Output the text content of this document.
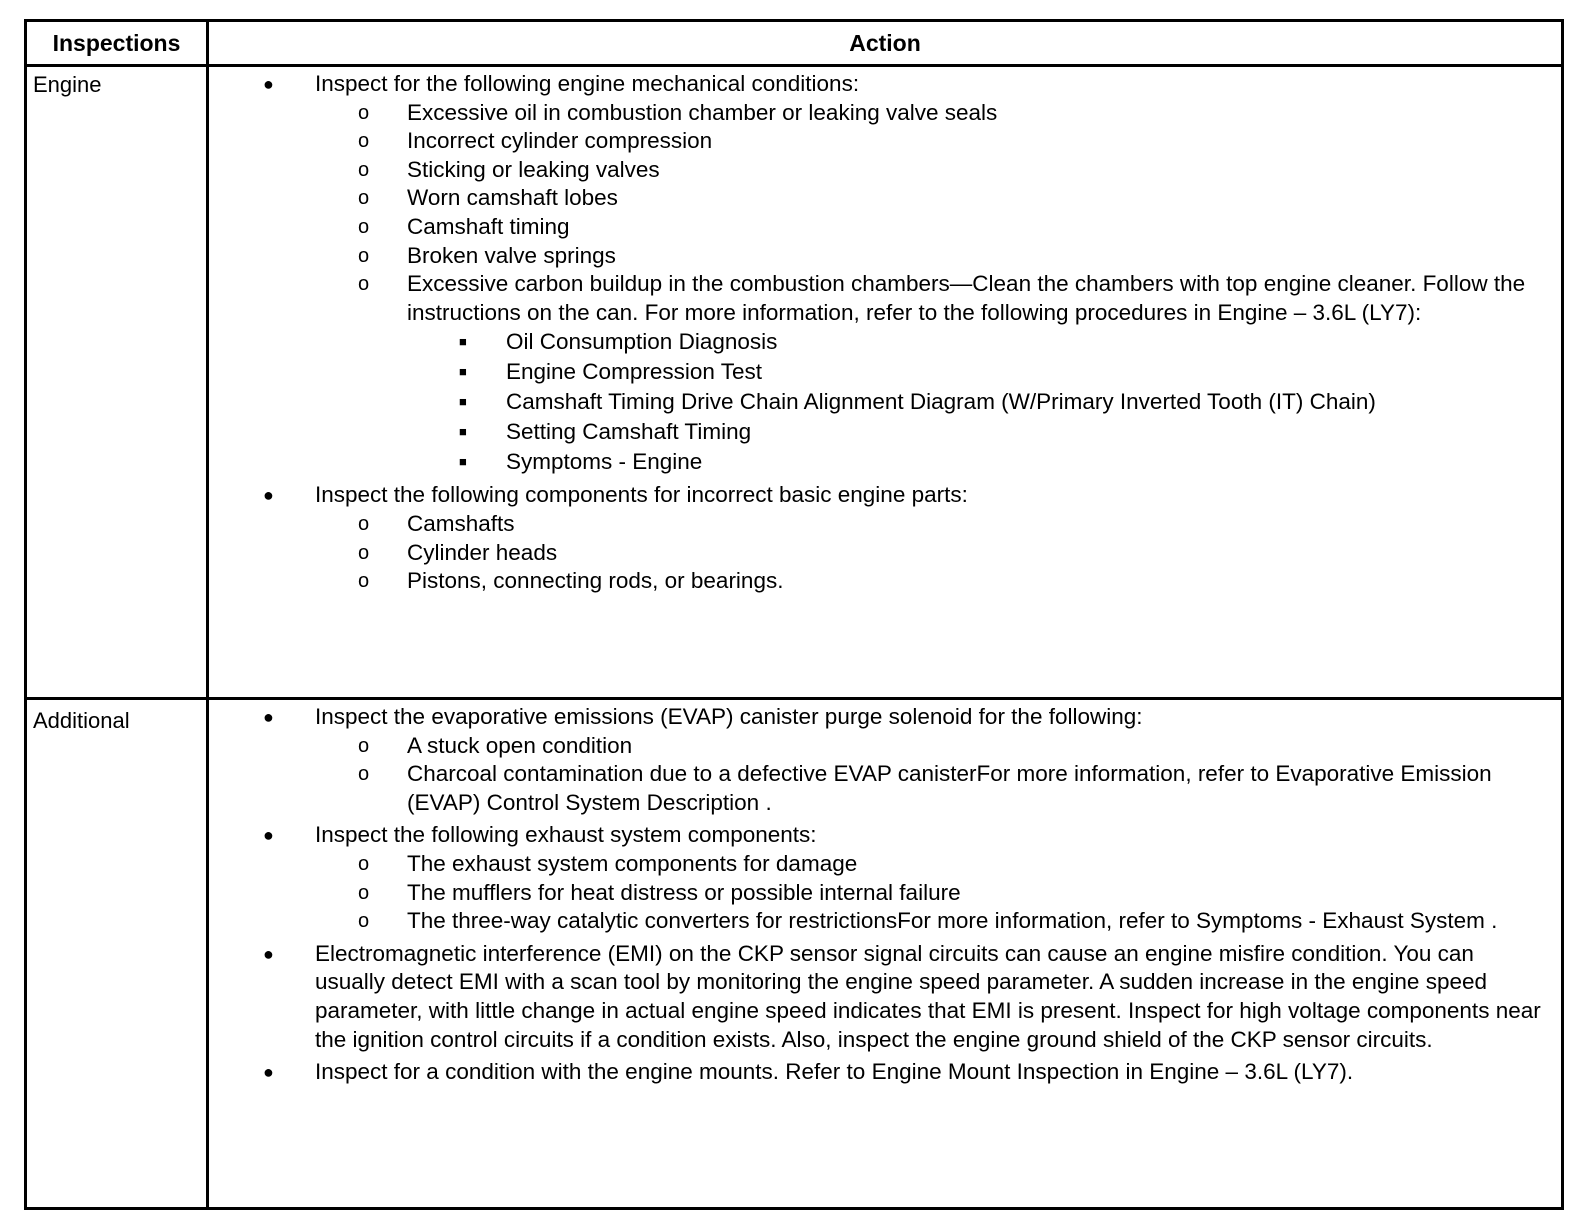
Inspections	Action
Engine	● Inspect for the following engine mechanical conditions:
o Excessive oil in combustion chamber or leaking valve seals
o Incorrect cylinder compression
o Sticking or leaking valves
o Worn camshaft lobes
o Camshaft timing
o Broken valve springs
o Excessive carbon buildup in the combustion chambers—Clean the chambers with top engine cleaner. Follow the instructions on the can. For more information, refer to the following procedures in Engine – 3.6L (LY7):
■ Oil Consumption Diagnosis
■ Engine Compression Test
■ Camshaft Timing Drive Chain Alignment Diagram (W/Primary Inverted Tooth (IT) Chain)
■ Setting Camshaft Timing
■ Symptoms - Engine
● Inspect the following components for incorrect basic engine parts:
o Camshafts
o Cylinder heads
o Pistons, connecting rods, or bearings.
Additional	● Inspect the evaporative emissions (EVAP) canister purge solenoid for the following:
o A stuck open condition
o Charcoal contamination due to a defective EVAP canisterFor more information, refer to Evaporative Emission (EVAP) Control System Description .
● Inspect the following exhaust system components:
o The exhaust system components for damage
o The mufflers for heat distress or possible internal failure
o The three-way catalytic converters for restrictionsFor more information, refer to Symptoms - Exhaust System .
● Electromagnetic interference (EMI) on the CKP sensor signal circuits can cause an engine misfire condition. You can usually detect EMI with a scan tool by monitoring the engine speed parameter. A sudden increase in the engine speed parameter, with little change in actual engine speed indicates that EMI is present. Inspect for high voltage components near the ignition control circuits if a condition exists. Also, inspect the engine ground shield of the CKP sensor circuits.
● Inspect for a condition with the engine mounts. Refer to Engine Mount Inspection in Engine – 3.6L (LY7).
